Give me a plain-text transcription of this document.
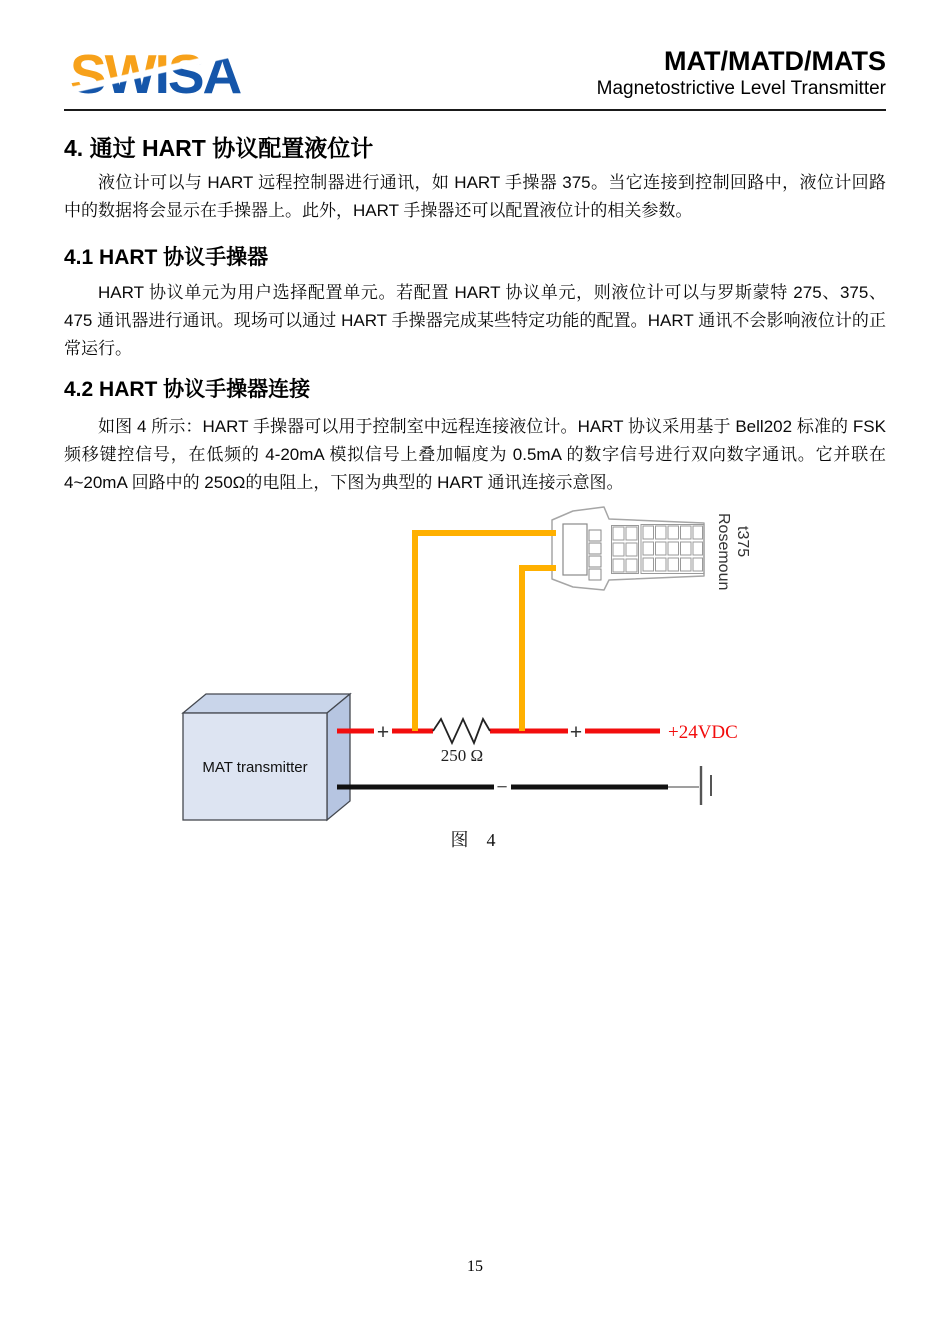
SWISA	MAT/MATD/MATS
Magnetostrictive Level Transmitter
4. 通过 HART 协议配置液位计
液位计可以与 HART 远程控制器进行通讯，如 HART 手操器 375。当它连接到控制回路中，液位计回路中的数据将会显示在手操器上。此外，HART 手操器还可以配置液位计的相关参数。
4.1 HART 协议手操器
HART 协议单元为用户选择配置单元。若配置 HART 协议单元，则液位计可以与罗斯蒙特 275、375、475 通讯器进行通讯。现场可以通过 HART 手操器完成某些特定功能的配置。HART 通讯不会影响液位计的正常运行。
4.2 HART 协议手操器连接
如图 4 所示：HART 手操器可以用于控制室中远程连接液位计。HART 协议采用基于 Bell202 标准的 FSK 频移键控信号，在低频的 4-20mA 模拟信号上叠加幅度为 0.5mA 的数字信号进行双向数字通讯。它并联在 4~20mA 回路中的 250Ω的电阻上，下图为典型的 HART 通讯连接示意图。
MAT transmitter
+	+
250 Ω
+24VDC
−
Rosemoun t375
图　4
15
